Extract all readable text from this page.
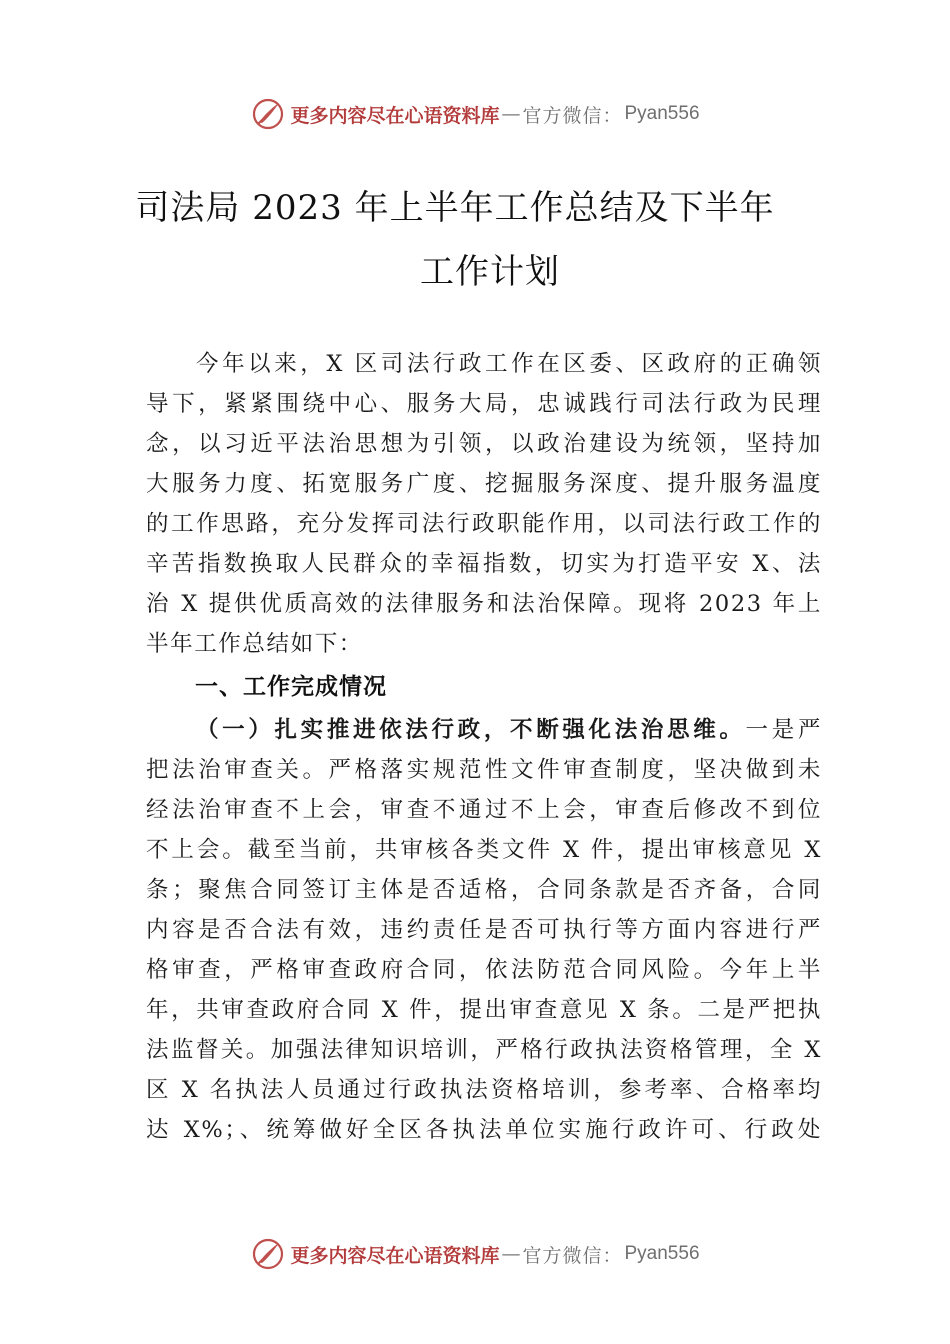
更多内容尽在心语资料库 — 官方微信： Pyan556
司法局 2023 年上半年工作总结及下半年
工作计划
今年以来，X 区司法行政工作在区委、区政府的正确领
导下，紧紧围绕中心、服务大局，忠诚践行司法行政为民理
念，以习近平法治思想为引领，以政治建设为统领，坚持加
大服务力度、拓宽服务广度、挖掘服务深度、提升服务温度
的工作思路，充分发挥司法行政职能作用，以司法行政工作的
辛苦指数换取人民群众的幸福指数，切实为打造平安 X、法
治 X 提供优质高效的法律服务和法治保障。现将 2023 年上
半年工作总结如下：
一、工作完成情况
（一）扎实推进依法行政，不断强化法治思维。一是严
把法治审查关。严格落实规范性文件审查制度，坚决做到未
经法治审查不上会，审查不通过不上会，审查后修改不到位
不上会。截至当前，共审核各类文件 X 件，提出审核意见 X
条；聚焦合同签订主体是否适格，合同条款是否齐备，合同
内容是否合法有效，违约责任是否可执行等方面内容进行严
格审查，严格审查政府合同，依法防范合同风险。今年上半
年，共审查政府合同 X 件，提出审查意见 X 条。二是严把执
法监督关。加强法律知识培训，严格行政执法资格管理，全 X
区 X 名执法人员通过行政执法资格培训，参考率、合格率均
达 X%；、统筹做好全区各执法单位实施行政许可、行政处
更多内容尽在心语资料库 — 官方微信： Pyan556
